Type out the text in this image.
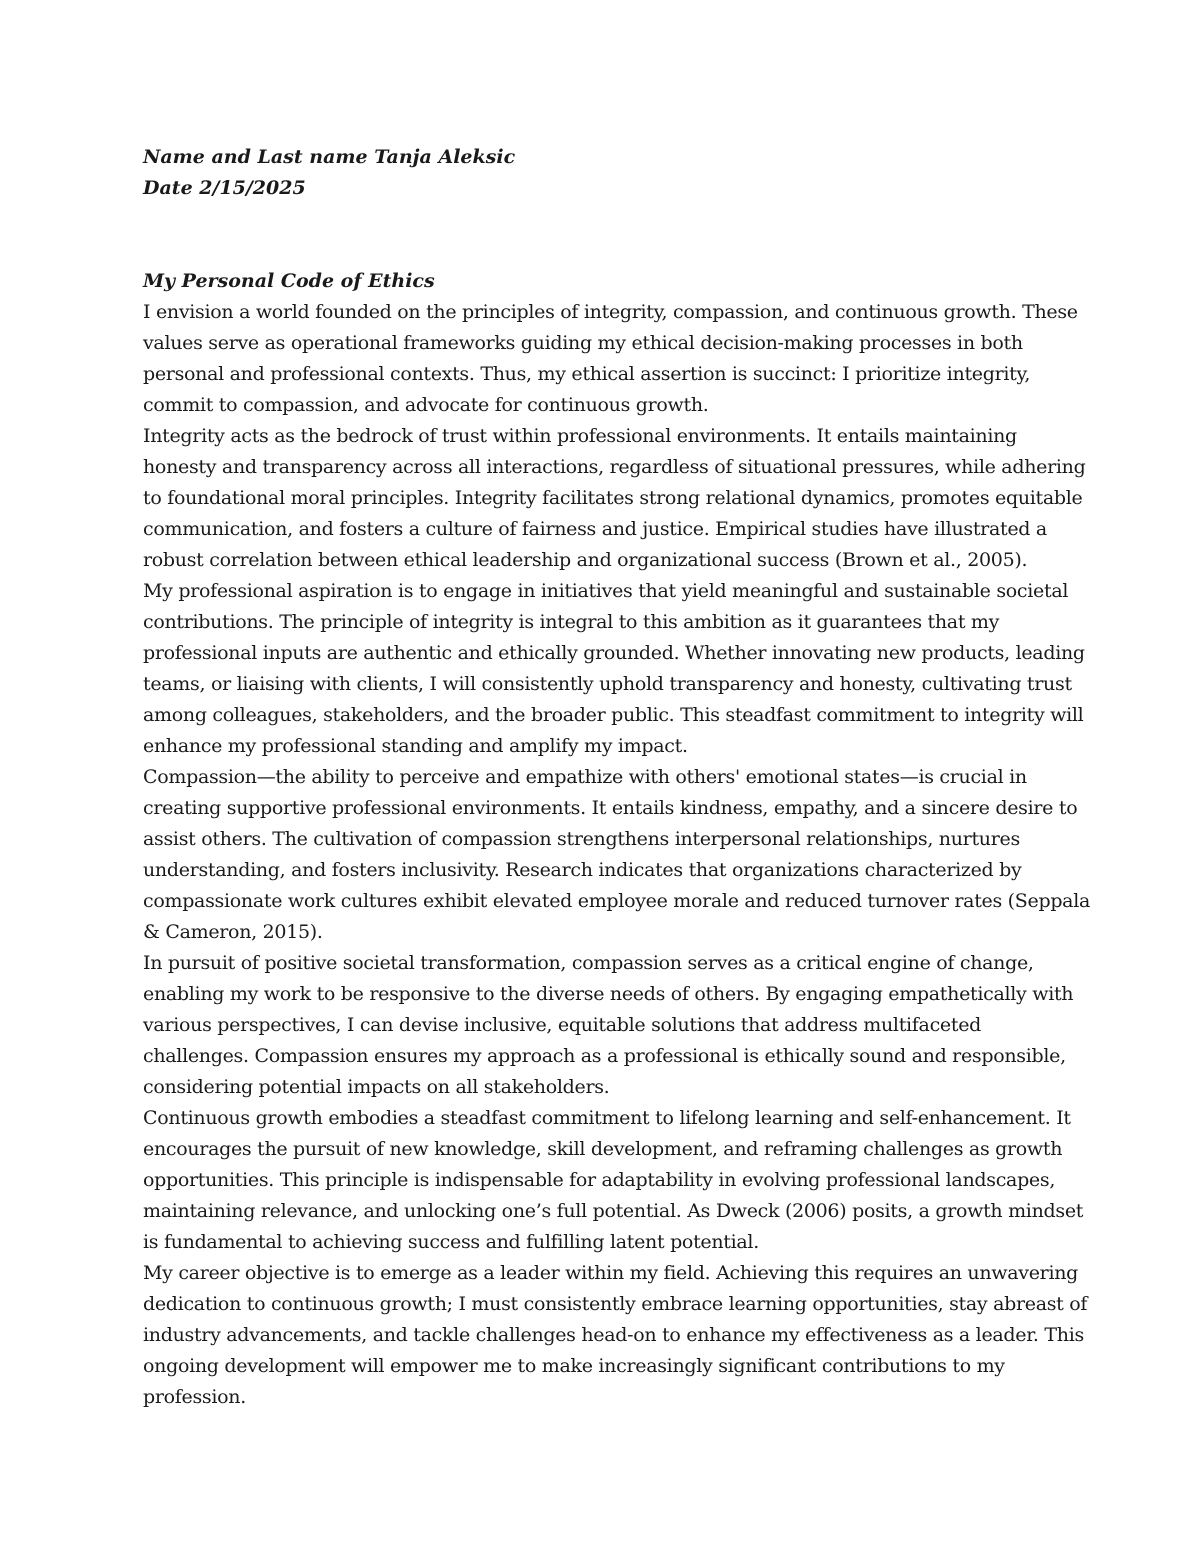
Name and Last name Tanja Aleksic
Date 2/15/2025
My Personal Code of Ethics

I envision a world founded on the principles of integrity, compassion, and continuous growth. These values serve as operational frameworks guiding my ethical decision-making processes in both personal and professional contexts. Thus, my ethical assertion is succinct: I prioritize integrity, commit to compassion, and advocate for continuous growth.

Integrity acts as the bedrock of trust within professional environments. It entails maintaining honesty and transparency across all interactions, regardless of situational pressures, while adhering to foundational moral principles. Integrity facilitates strong relational dynamics, promotes equitable communication, and fosters a culture of fairness and justice. Empirical studies have illustrated a robust correlation between ethical leadership and organizational success (Brown et al., 2005).

My professional aspiration is to engage in initiatives that yield meaningful and sustainable societal contributions. The principle of integrity is integral to this ambition as it guarantees that my professional inputs are authentic and ethically grounded. Whether innovating new products, leading teams, or liaising with clients, I will consistently uphold transparency and honesty, cultivating trust among colleagues, stakeholders, and the broader public. This steadfast commitment to integrity will enhance my professional standing and amplify my impact.

Compassion—the ability to perceive and empathize with others' emotional states—is crucial in creating supportive professional environments. It entails kindness, empathy, and a sincere desire to assist others. The cultivation of compassion strengthens interpersonal relationships, nurtures understanding, and fosters inclusivity. Research indicates that organizations characterized by compassionate work cultures exhibit elevated employee morale and reduced turnover rates (Seppala & Cameron, 2015).

In pursuit of positive societal transformation, compassion serves as a critical engine of change, enabling my work to be responsive to the diverse needs of others. By engaging empathetically with various perspectives, I can devise inclusive, equitable solutions that address multifaceted challenges. Compassion ensures my approach as a professional is ethically sound and responsible, considering potential impacts on all stakeholders.

Continuous growth embodies a steadfast commitment to lifelong learning and self-enhancement. It encourages the pursuit of new knowledge, skill development, and reframing challenges as growth opportunities. This principle is indispensable for adaptability in evolving professional landscapes, maintaining relevance, and unlocking one’s full potential. As Dweck (2006) posits, a growth mindset is fundamental to achieving success and fulfilling latent potential.

My career objective is to emerge as a leader within my field. Achieving this requires an unwavering dedication to continuous growth; I must consistently embrace learning opportunities, stay abreast of industry advancements, and tackle challenges head-on to enhance my effectiveness as a leader. This ongoing development will empower me to make increasingly significant contributions to my profession.
